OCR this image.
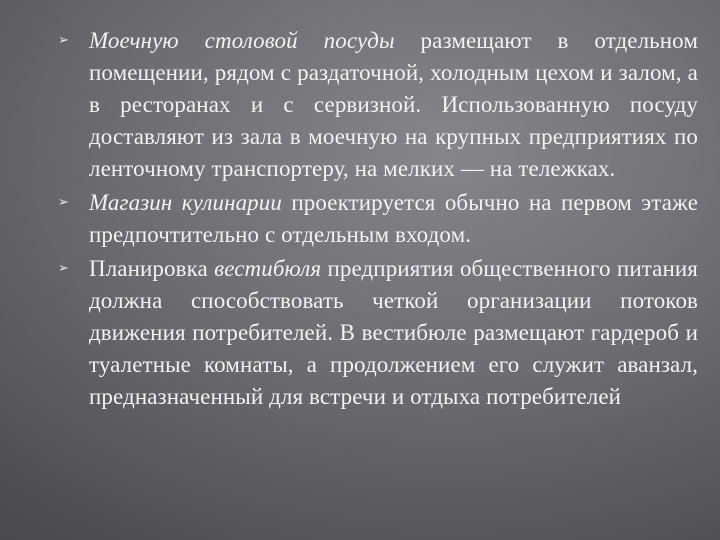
➢ Моечную столовой посуды размещают в отдельном помещении, рядом с раздаточной, холодным цехом и залом, а в ресторанах и с сервизной. Использованную посуду доставляют из зала в моечную на крупных предприятиях по ленточному транспортеру, на мелких — на тележках.
➢ Магазин кулинарии проектируется обычно на первом этаже предпочтительно с отдельным входом.
➢ Планировка вестибюля предприятия общественного питания должна способствовать четкой организации потоков движения потребителей. В вестибюле размещают гардероб и туалетные комнаты, а продолжением его служит аванзал, предназначенный для встречи и отдыха потребителей
